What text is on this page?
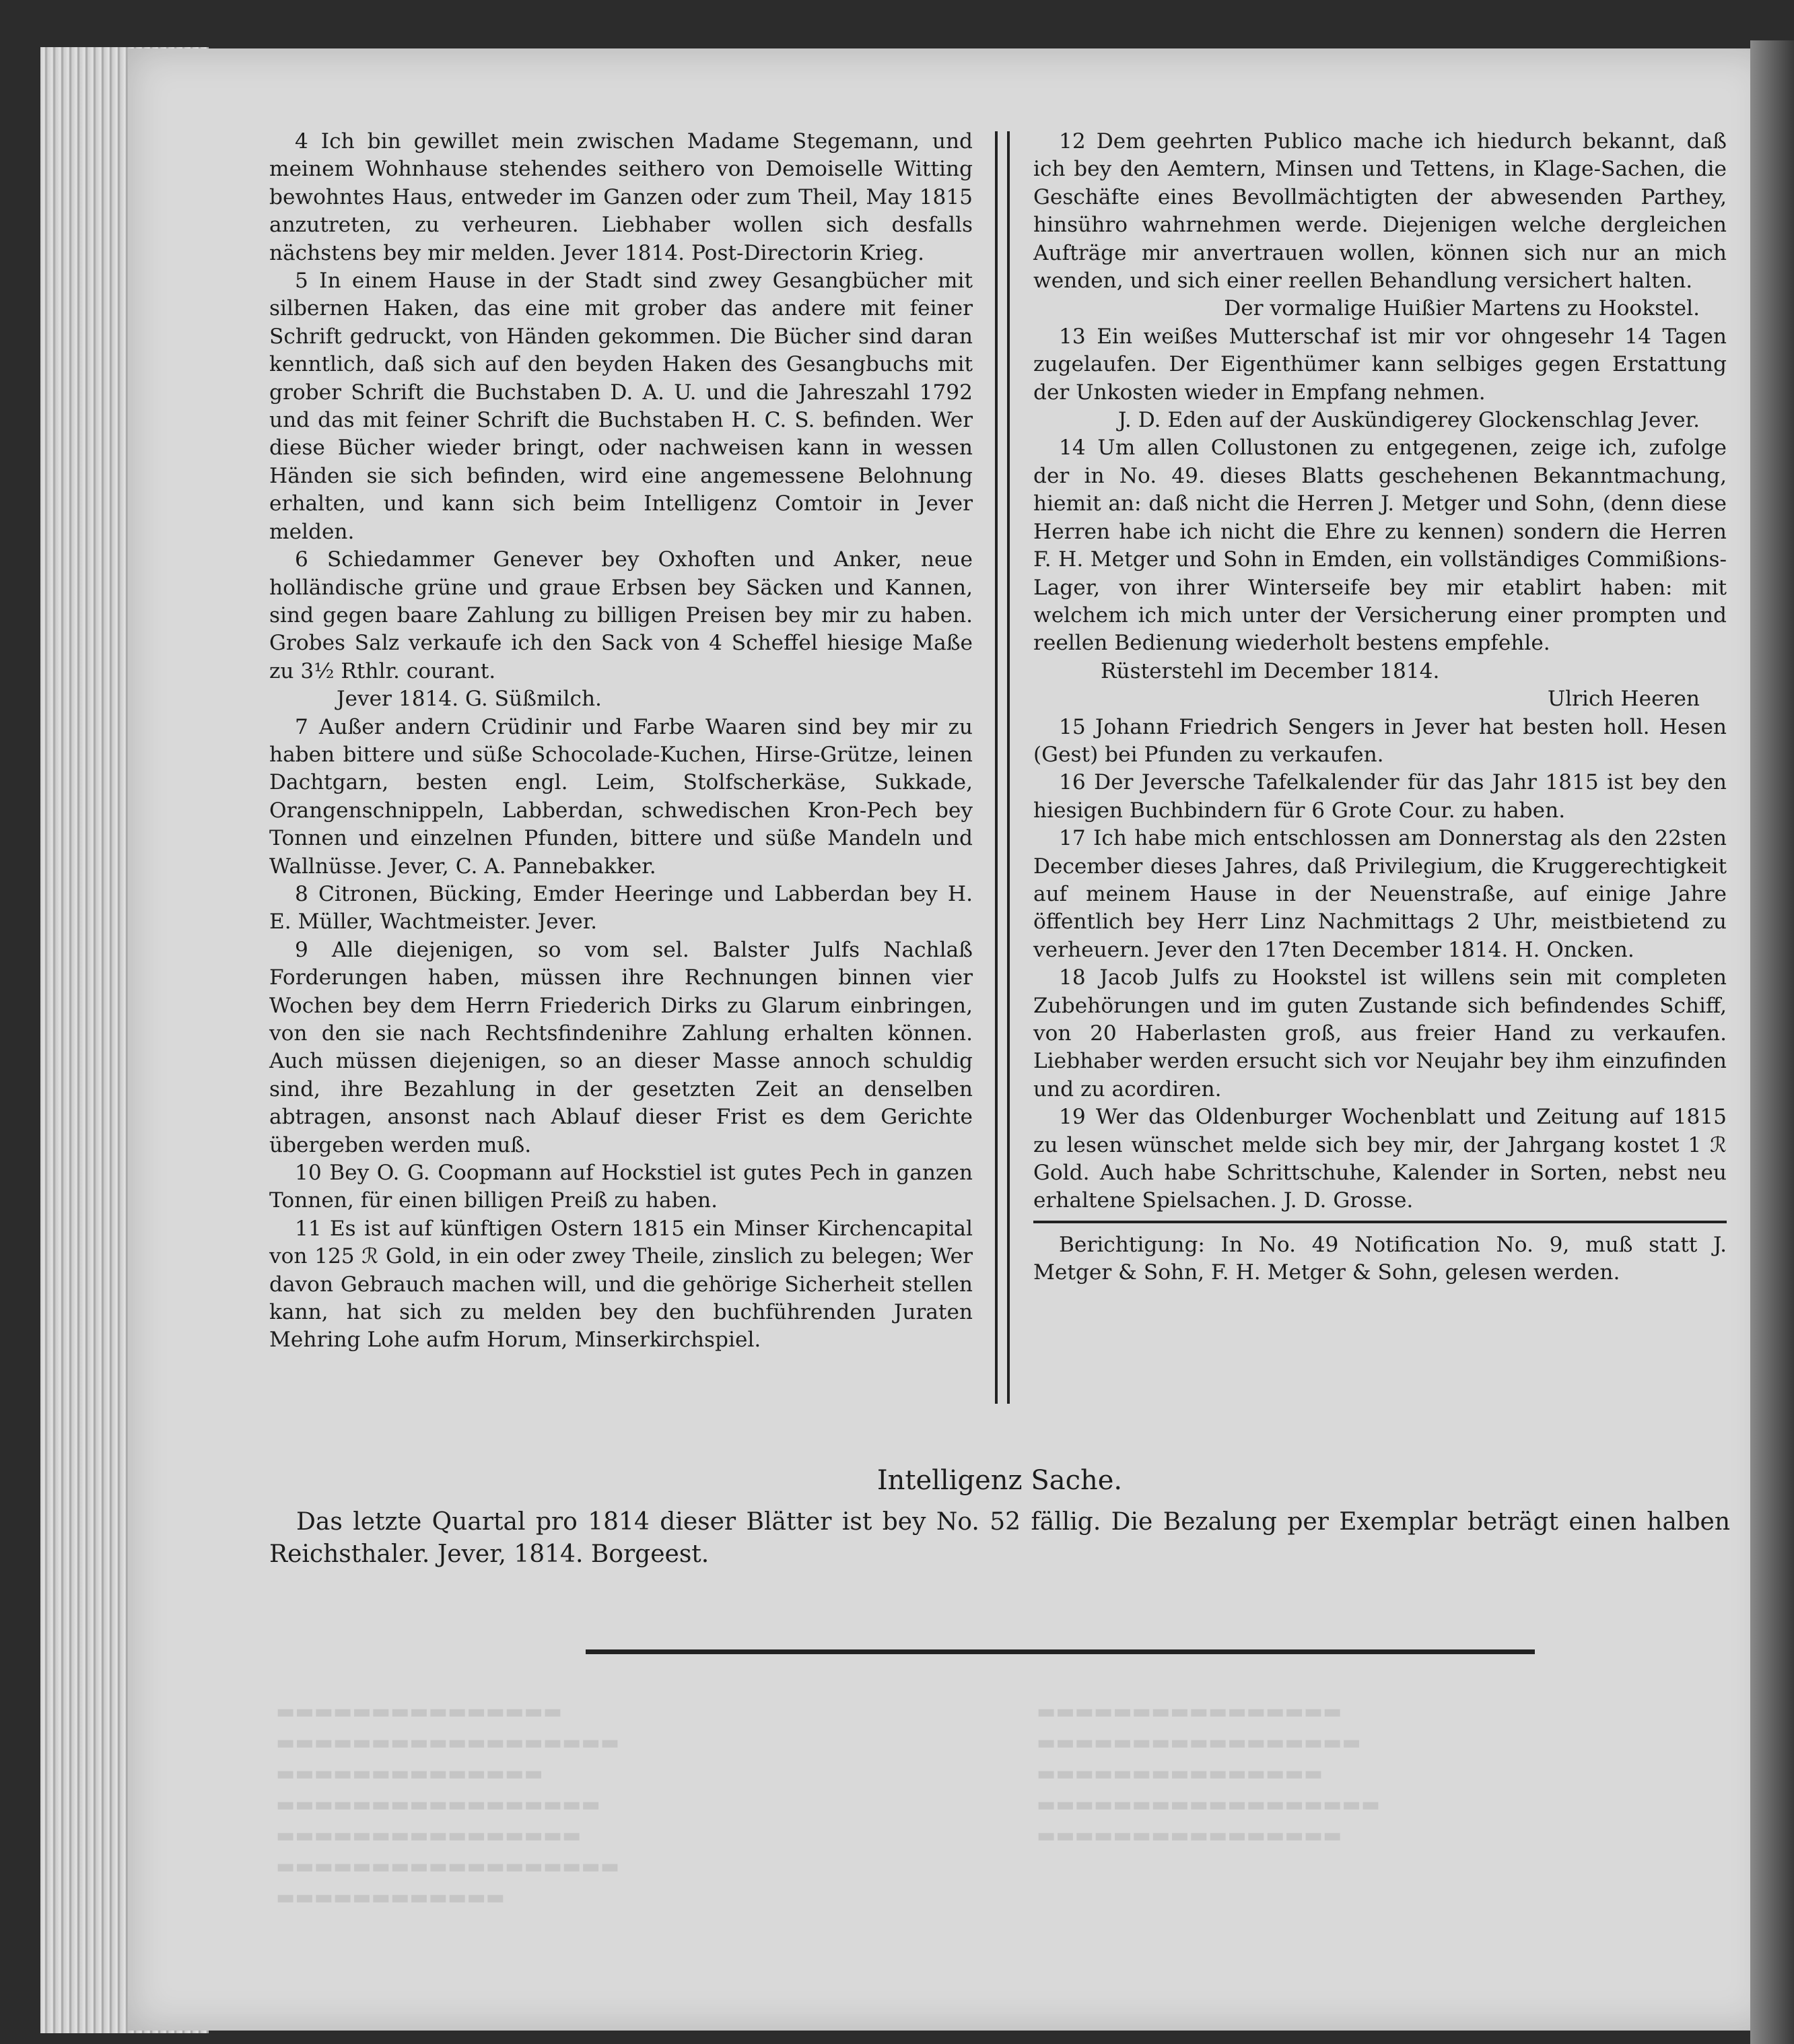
▬▬▬▬▬▬▬▬▬▬▬▬▬▬▬
▬▬▬▬▬▬▬▬▬▬▬▬▬▬▬▬▬▬
▬▬▬▬▬▬▬▬▬▬▬▬▬▬
▬▬▬▬▬▬▬▬▬▬▬▬▬▬▬▬▬
▬▬▬▬▬▬▬▬▬▬▬▬▬▬▬▬
▬▬▬▬▬▬▬▬▬▬▬▬▬▬▬▬▬▬
▬▬▬▬▬▬▬▬▬▬▬▬
▬▬▬▬▬▬▬▬▬▬▬▬▬▬▬▬
▬▬▬▬▬▬▬▬▬▬▬▬▬▬▬▬▬
▬▬▬▬▬▬▬▬▬▬▬▬▬▬▬
▬▬▬▬▬▬▬▬▬▬▬▬▬▬▬▬▬▬
▬▬▬▬▬▬▬▬▬▬▬▬▬▬▬▬

4 Ich bin gewillet mein zwischen Madame Stegemann, und meinem Wohnhause stehendes seithero von Demoiselle Witting bewohntes Haus, entweder im Ganzen oder zum Theil, May 1815 anzutreten, zu verheuren. Liebhaber wollen sich desfalls nächstens bey mir melden. Jever 1814. Post-Directorin Krieg.

5 In einem Hause in der Stadt sind zwey Gesangbücher mit silbernen Haken, das eine mit grober das andere mit feiner Schrift gedruckt, von Händen gekommen. Die Bücher sind daran kenntlich, daß sich auf den beyden Haken des Gesangbuchs mit grober Schrift die Buchstaben D. A. U. und die Jahreszahl 1792 und das mit feiner Schrift die Buchstaben H. C. S. befinden. Wer diese Bücher wieder bringt, oder nachweisen kann in wessen Händen sie sich befinden, wird eine angemessene Belohnung erhalten, und kann sich beim Intelligenz Comtoir in Jever melden.

6 Schiedammer Genever bey Oxhoften und Anker, neue holländische grüne und graue Erbsen bey Säcken und Kannen, sind gegen baare Zahlung zu billigen Preisen bey mir zu haben. Grobes Salz verkaufe ich den Sack von 4 Scheffel hiesige Maße zu 3½ Rthlr. courant.

Jever 1814. G. Süßmilch.

7 Außer andern Crüdinir und Farbe Waaren sind bey mir zu haben bittere und süße Schocolade-Kuchen, Hirse-Grütze, leinen Dachtgarn, besten engl. Leim, Stolfscherkäse, Sukkade, Orangenschnippeln, Labberdan, schwedischen Kron-Pech bey Tonnen und einzelnen Pfunden, bittere und süße Mandeln und Wallnüsse. Jever, C. A. Pannebakker.

8 Citronen, Bücking, Emder Heeringe und Labberdan bey H. E. Müller, Wachtmeister. Jever.

9 Alle diejenigen, so vom sel. Balster Julfs Nachlaß Forderungen haben, müssen ihre Rechnungen binnen vier Wochen bey dem Herrn Friederich Dirks zu Glarum einbringen, von den sie nach Rechtsfindenihre Zahlung erhalten können. Auch müssen diejenigen, so an dieser Masse annoch schuldig sind, ihre Bezahlung in der gesetzten Zeit an denselben abtragen, ansonst nach Ablauf dieser Frist es dem Gerichte übergeben werden muß.

10 Bey O. G. Coopmann auf Hockstiel ist gutes Pech in ganzen Tonnen, für einen billigen Preiß zu haben.

11 Es ist auf künftigen Ostern 1815 ein Minser Kirchencapital von 125 ℛ Gold, in ein oder zwey Theile, zinslich zu belegen; Wer davon Gebrauch machen will, und die gehörige Sicherheit stellen kann, hat sich zu melden bey den buchführenden Juraten Mehring Lohe aufm Horum, Minserkirchspiel.

12 Dem geehrten Publico mache ich hiedurch bekannt, daß ich bey den Aemtern, Minsen und Tettens, in Klage-Sachen, die Geschäfte eines Bevollmächtigten der abwesenden Parthey, hinsühro wahrnehmen werde. Diejenigen welche dergleichen Aufträge mir anvertrauen wollen, können sich nur an mich wenden, und sich einer reellen Behandlung versichert halten.

Der vormalige Huißier Martens zu Hookstel.

13 Ein weißes Mutterschaf ist mir vor ohngesehr 14 Tagen zugelaufen. Der Eigenthümer kann selbiges gegen Erstattung der Unkosten wieder in Empfang nehmen.

J. D. Eden auf der Auskündigerey Glockenschlag Jever.

14 Um allen Collustonen zu entgegenen, zeige ich, zufolge der in No. 49. dieses Blatts geschehenen Bekanntmachung, hiemit an: daß nicht die Herren J. Metger und Sohn, (denn diese Herren habe ich nicht die Ehre zu kennen) sondern die Herren F. H. Metger und Sohn in Emden, ein vollständiges Commißions-Lager, von ihrer Winterseife bey mir etablirt haben: mit welchem ich mich unter der Versicherung einer prompten und reellen Bedienung wiederholt bestens empfehle.

Rüsterstehl im December 1814.

Ulrich Heeren

15 Johann Friedrich Sengers in Jever hat besten holl. Hesen (Gest) bei Pfunden zu verkaufen.

16 Der Jeversche Tafelkalender für das Jahr 1815 ist bey den hiesigen Buchbindern für 6 Grote Cour. zu haben.

17 Ich habe mich entschlossen am Donnerstag als den 22sten December dieses Jahres, daß Privilegium, die Kruggerechtigkeit auf meinem Hause in der Neuenstraße, auf einige Jahre öffentlich bey Herr Linz Nachmittags 2 Uhr, meistbietend zu verheuern. Jever den 17ten December 1814. H. Oncken.

18 Jacob Julfs zu Hookstel ist willens sein mit completen Zubehörungen und im guten Zustande sich befindendes Schiff, von 20 Haberlasten groß, aus freier Hand zu verkaufen. Liebhaber werden ersucht sich vor Neujahr bey ihm einzufinden und zu acordiren.

19 Wer das Oldenburger Wochenblatt und Zeitung auf 1815 zu lesen wünschet melde sich bey mir, der Jahrgang kostet 1 ℛ Gold. Auch habe Schrittschuhe, Kalender in Sorten, nebst neu erhaltene Spielsachen. J. D. Grosse.

Berichtigung: In No. 49 Notification No. 9, muß statt J. Metger & Sohn, F. H. Metger & Sohn, gelesen werden.

Intelligenz Sache.

Das letzte Quartal pro 1814 dieser Blätter ist bey No. 52 fällig. Die Bezalung per Exemplar beträgt einen halben Reichsthaler. Jever, 1814. Borgeest.
